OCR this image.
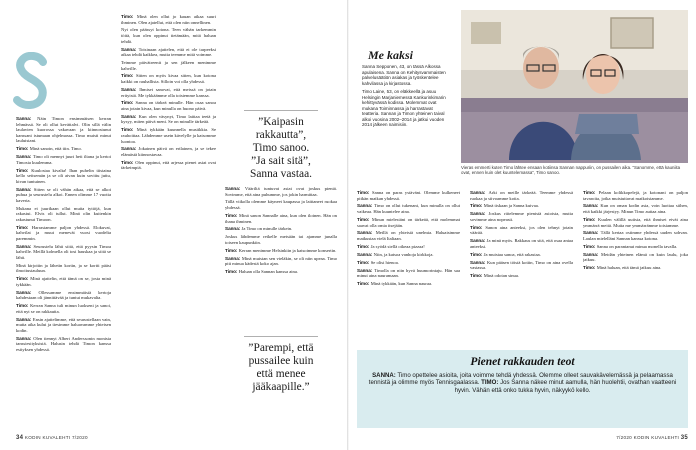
Sanna: Näin Timon ensimmäisen kerran lehmässä. Se oli ollut kevättalvi. Olin sillä välin laulavien kuorossa vakavaan ja kiinnostunut kanssani istumaan ohjelmassa. Timo muisti minut lauluistani.

Timo: Minä sanoin, että tiin. Timo.

Sanna: Timo oli mennyt juuri heti iltana ja kertoi Timosta kuulemma.

Timo: Kuulostaa kivalta! Ihan puhelin tiistaina kello seitsemän ja se oli aivan kuin sovittu juttu, kivan tuntuinen.

Sanna: Sitten se oli vähän aikaa, että se alkoi puhua ja seurustelu alkoi. Ennen olimme 17 vuotta kaveria.

Mukana ei juurikaan ollut muita tyttöjä, kun rakastui. Elvis oli tullut. Minä olin kuitenkin rakastunut Timoon.

Timo: Harrastamme paljon yhdessä. Elokuvat, kahvilat ja muut menevät vuosi vuodelta paremmin.

Sanna: Seurustelu lähti siitä, että pyysin Timoa kahville. Meillä kolmella oli tosi hauskaa ja siitä se lähti.

Minä kirjoitin ja lähetin kortin, ja se kortti pääsi ilmoitustauluun.

Timo: Minä ajattelin, että tämä on se, josta minä tykkään.

Sanna: Ollessamme ensimmäisiä kertoja kahdestaan oli jännittävää ja tuntui mukavalta.

Timo: Kerran Sanna tuli minun luokseni ja sanoi, että nyt se on rakkautta.

Sanna: Ensin ajattelimme, että seurustellaan vain, mutta aika kului ja tiesimme haluavamme yhteisen kodin.

Sanna: Olen tiennyt Albert Anderssonin monista tanssiesityksistä. Halusin tehdä Timon kanssa esityksen yhdessä.

Timo: Minä olen ollut jo kauan aikaa suuri ihminen. Olen ajatellut, että olen niin onnellinen.

Nyt olen päässyt kotona. Teen vähän tarkemmin töitä, kun olen oppinut tietämään, mitä haluan tehdä.

Sanna: Toisinaan ajattelen, että ei ole tarpeeksi aikaa tehdä kaikkea, mutta teemme mitä voimme.

Teimme päivätreenit ja sen jälkeen menimme kahville.

Timo: Sitten on myös kivaa sitten, kun kotona kaikki on rauhallista. Silloin voi olla yhdessä.

Sanna: Ihmiset sanovat, että meissä on jotain erityistä. Me tykkäämme olla toistemme kanssa.

Timo: Sanna on tärkeä minulle. Hän osaa sanoa aina jotain kivaa, kun minulla on huono päivä.

Sanna: Kun olen väsynyt, Timo laittaa teetä ja kysyy, miten päivä meni. Se on minulle tärkeää.

Timo: Minä tykkään kuunnella musiikkia. Se rauhoittaa. Lähdemme usein kävelylle ja katsomme luontoa.

Sanna: Jokainen päivä on erilainen, ja se tekee elämästä kiinnostavaa.

Timo: Olen oppinut, että arjessa pienet asiat ovat tärkeimpiä.

”Kaipasin
rakkautta”,
Timo sanoo.
”Ja sait sitä”,
Sanna vastaa.

Sanna: Vääriltä tuntuvat asiat ovat joskus pieniä. Sovimme, että aina puhumme, jos jokin harmittaa.

Tällä viikolla olemme käyneet kaupassa ja laittaneet ruokaa yhdessä.

Timo: Minä sanon Sannalle aina, kun olen iloinen. Hän on ihana ihminen.

Sanna: Ja Timo on minulle tärkein.

Joskus lähdemme retkelle metsään tai ajamme junalla toiseen kaupunkiin.

Timo: Kerran menimme Helsinkiin ja katsoimme konsertin.

Sanna: Minä muistan sen vieläkin, se oli niin upeaa. Timo piti minua kädestä koko ajan.

Timo: Haluan olla Sannan kanssa aina.

”Parempi, että
pussailee kuin
että menee
jääkaapille.”
34 KODIN KUVALEHTI 7/2020
Me kaksi

Sanna Sepponen, 43, on tässä Alkossa apulaisena. Sanna on Kehitysvammaisten palvelusäätiön asiakas ja työskentelee kahvilassa ja kirjastossa.

Timo Laine, 53, on eläkkeellä ja asuu Helsingin Marjaniemessä Kankurinkimarin kehittyvässä kodissa. Molemmat ovat mukana Toiminnassa ja harrastavat teatteria. Sannan ja Timon yhteinen taival alkoi vuosina 2002–2014 ja jatkui vuoden 2014 jälkeen naimisiin.

Vieras emmerti kuten Timo lähtee ensaan kotiinsa Sannan nappuriin, on pussailen aika. ”Sanomme, että kauniita ovat, ennen kuin olet kuuntelemassa”, Timo sanoo.

Timo: Sanna on paras ystäväni. Olemme kulkeneet pitkän matkan yhdessä.

Sanna: Timo on ollut tukenani, kun minulla on ollut vaikeaa. Hän kuuntelee aina.

Timo: Minun mielestäni on tärkeää, että molemmat saavat olla omia itsejään.

Sanna: Meillä on yhteisiä unelmia. Haluaisimme matkustaa vielä Italiaan.

Timo: Ja syödä siellä oikeaa pizzaa!

Sanna: Niin, ja katsoa vanhoja kirkkoja.

Timo: Se olisi hienoa.

Sanna: Timolla on niin hyvä huumorintaju. Hän saa minut aina nauramaan.

Timo: Minä tykkään, kun Sanna nauraa.

Sanna: Arki on meille tärkeää. Teemme yhdessä ruokaa ja siivoamme kotia.

Timo: Minä tiskaan ja Sanna kuivaa.

Sanna: Joskus riitelemme pienistä asioista, mutta sovimme aina nopeasti.

Timo: Sanon aina anteeksi, jos olen tehnyt jotain väärää.

Sanna: Ja minä myös. Rakkaus on sitä, että osaa antaa anteeksi.

Timo: Ja muistaa sanoa, että rakastaa.

Sanna: Kun pääsen töistä kotiin, Timo on aina ovella vastassa.

Timo: Minä odotan sinua.

Timo: Pelaan kolikkopelejä, ja kotonani on paljon tavaroita, jotka muistuttavat matkoistamme.

Sanna: Kun on oman kodin asia, voin luottaa siihen, että kaikki järjestyy. Minun Timo auttaa aina.

Timo: Kuulen välillä uutisia, että ihmiset eivät aina ymmärrä meitä. Mutta me ymmärrämme toisiamme.

Sanna: Tällä kertaa ostimme yhdessä uuden sohvan. Laulan mielelläni Sannan kanssa kotona.

Timo: Sanna on parantanut minua monella tavalla.

Sanna: Meidän yhteinen elämä on kuin laulu, joka jatkuu.

Timo: Minä haluan, että tämä jatkuu aina.

Pienet rakkauden teot
SANNA: Timo opettelee asioita, joita voimme tehdä yhdessä. Olemme olleet sauvakävelemässä ja pelaamassa tennistä ja olimme myös Tennisgaalassa. TIMO: Jos Sanna näkee minut aamulla, hän huolehtii, ovathan vaatteeni hyvin. Vähän että onko tukka hyvin, näkyykö kello.
7/2020 KODIN KUVALEHTI 35
